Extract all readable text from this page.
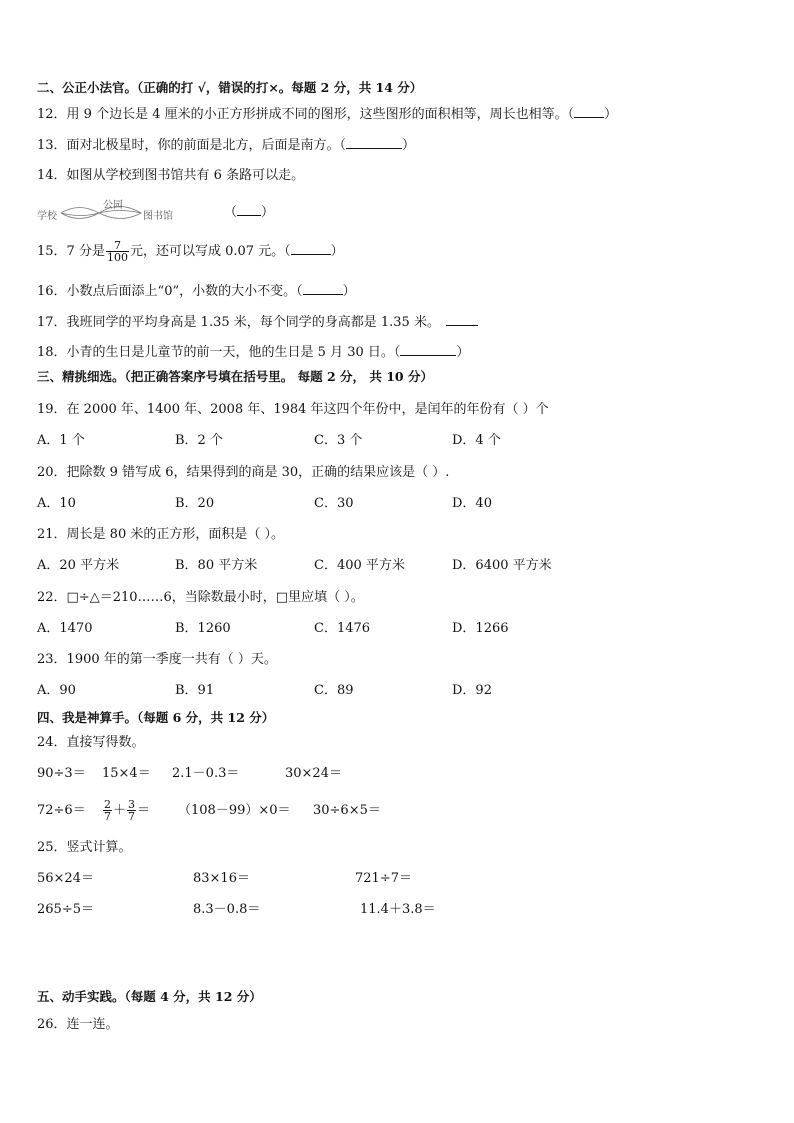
二、公正小法官。（正确的打 √，错误的打×。每题 2 分，共 14 分）
12．用 9 个边长是 4 厘米的小正方形拼成不同的图形，这些图形的面积相等，周长也相等。（ ）
13．面对北极星时，你的前面是北方，后面是南方。（	）
14．如图从学校到图书馆共有 6 条路可以走。
学校
公园
图书馆	（ ）
15．7 分是 $\frac{7}{100}$ 元，还可以写成 0.07 元。（	）
16．小数点后面添上“0”，小数的大小不变。（	）
17．我班同学的平均身高是 1.35 米，每个同学的身高都是 1.35 米。
18．小青的生日是儿童节的前一天，他的生日是 5 月 30 日。（	）
三、精挑细选。（把正确答案序号填在括号里。 每题 2 分， 共 10 分）
19．在 2000 年、1400 年、2008 年、1984 年这四个年份中，是闰年的年份有（ ）个
A．1 个	B．2 个	C．3 个	D．4 个
20．把除数 9 错写成 6，结果得到的商是 30，正确的结果应该是（ ）.
A．10	B．20	C．30	D．40
21．周长是 80 米的正方形，面积是（ ）。
A．20 平方米	B．80 平方米	C．400 平方米	D．6400 平方米
22．□÷△＝210……6，当除数最小时，□里应填（ ）。
A．1470	B．1260	C．1476	D．1266
23．1900 年的第一季度一共有（ ）天。
A．90	B．91	C．89	D．92
四、我是神算手。（每题 6 分，共 12 分）
24．直接写得数。
90÷3＝ 15×4＝ 2.1－0.3＝	30×24＝
$72\div 6= \frac{2}{7} + \frac{3}{7} = (108-99)\times 0= 30\div 6\times 5=$
25．竖式计算。
56×24＝	83×16＝	721÷7＝
265÷5＝	8.3－0.8＝	11.4＋3.8＝
五、动手实践。（每题 4 分，共 12 分）
26．连一连。
